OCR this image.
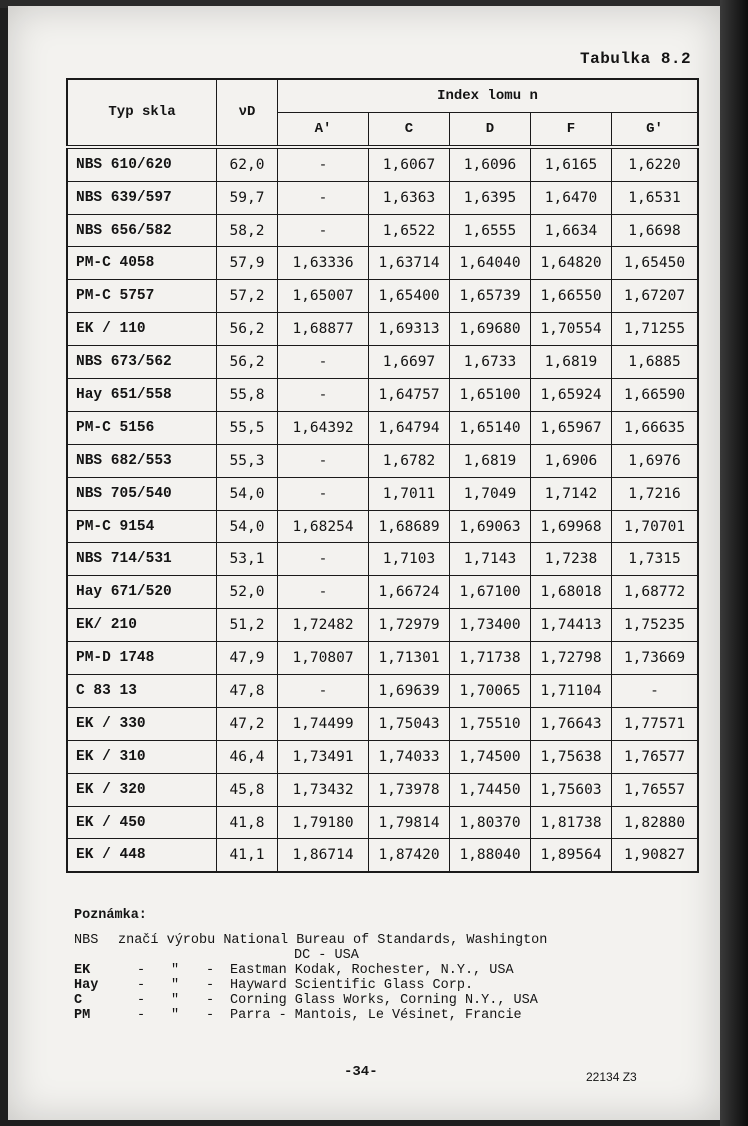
Tabulka 8.2
Typ skla	νD	Index lomu n				
		A'	C	D	F	G'
NBS 610/620	62,0	-	1,6067	1,6096	1,6165	1,6220
NBS 639/597	59,7	-	1,6363	1,6395	1,6470	1,6531
NBS 656/582	58,2	-	1,6522	1,6555	1,6634	1,6698
PM-C 4058	57,9	1,63336	1,63714	1,64040	1,64820	1,65450
PM-C 5757	57,2	1,65007	1,65400	1,65739	1,66550	1,67207
EK / 110	56,2	1,68877	1,69313	1,69680	1,70554	1,71255
NBS 673/562	56,2	-	1,6697	1,6733	1,6819	1,6885
Hay 651/558	55,8	-	1,64757	1,65100	1,65924	1,66590
PM-C 5156	55,5	1,64392	1,64794	1,65140	1,65967	1,66635
NBS 682/553	55,3	-	1,6782	1,6819	1,6906	1,6976
NBS 705/540	54,0	-	1,7011	1,7049	1,7142	1,7216
PM-C 9154	54,0	1,68254	1,68689	1,69063	1,69968	1,70701
NBS 714/531	53,1	-	1,7103	1,7143	1,7238	1,7315
Hay 671/520	52,0	-	1,66724	1,67100	1,68018	1,68772
EK/ 210	51,2	1,72482	1,72979	1,73400	1,74413	1,75235
PM-D 1748	47,9	1,70807	1,71301	1,71738	1,72798	1,73669
C 83 13	47,8	-	1,69639	1,70065	1,71104	-
EK / 330	47,2	1,74499	1,75043	1,75510	1,76643	1,77571
EK / 310	46,4	1,73491	1,74033	1,74500	1,75638	1,76577
EK / 320	45,8	1,73432	1,73978	1,74450	1,75603	1,76557
EK / 450	41,8	1,79180	1,79814	1,80370	1,81738	1,82880
EK / 448	41,1	1,86714	1,87420	1,88040	1,89564	1,90827
Poznámka:
NBS	značí výrobu National Bureau of Standards, Washington
DC - USA
EK	-	"	-	Eastman Kodak, Rochester, N.Y., USA
Hay	-	"	-	Hayward Scientific Glass Corp.
C	-	"	-	Corning Glass Works, Corning N.Y., USA
PM	-	"	-	Parra - Mantois, Le Vésinet, Francie
-34-	22134 Z3
